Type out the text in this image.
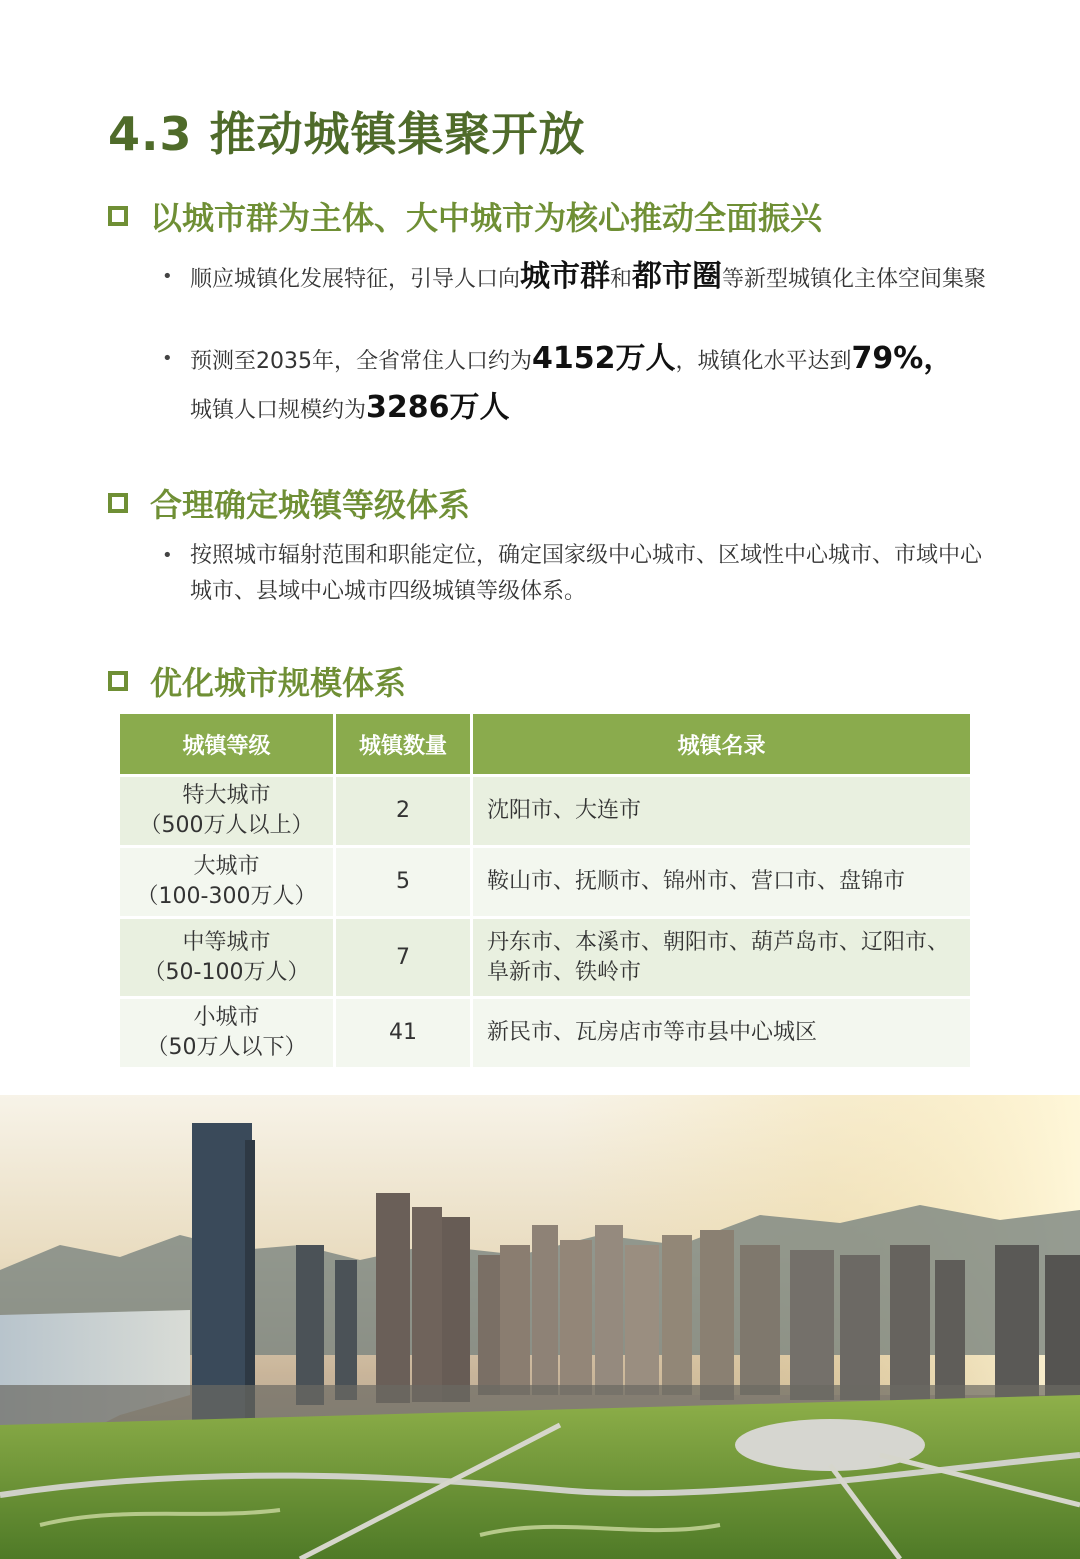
4.3 推动城镇集聚开放
以城市群为主体、大中城市为核心推动全面振兴
• 顺应城镇化发展特征，引导人口向城市群和都市圈等新型城镇化主体空间集聚
• 预测至2035年，全省常住人口约为4152万人，城镇化水平达到79%，
城镇人口规模约为3286万人
合理确定城镇等级体系
• 按照城市辐射范围和职能定位，确定国家级中心城市、区域性中心城市、市域中心城市、县域中心城市四级城镇等级体系。
优化城市规模体系
城镇等级	城镇数量	城镇名录

特大城市
（500万人以上）	2	沈阳市、大连市

大城市
（100-300万人）	5	鞍山市、抚顺市、锦州市、营口市、盘锦市

中等城市
（50-100万人）	7	丹东市、本溪市、朝阳市、葫芦岛市、辽阳市、阜新市、铁岭市

小城市
（50万人以下）	41	新民市、瓦房店市等市县中心城区
